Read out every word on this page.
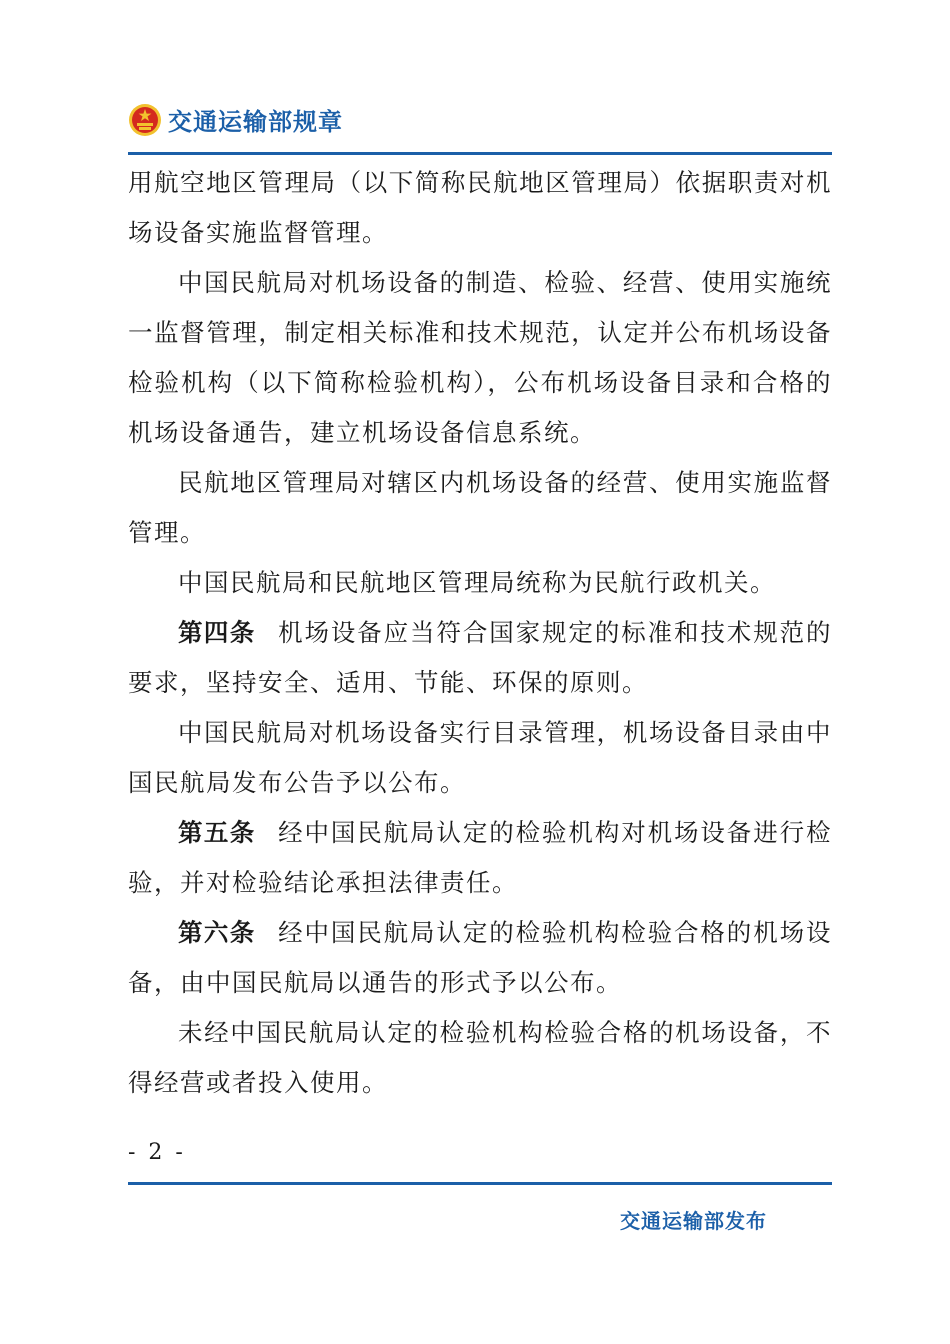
交通运输部规章

用航空地区管理局（以下简称民航地区管理局）依据职责对机场设备实施监督管理。

中国民航局对机场设备的制造、检验、经营、使用实施统一监督管理，制定相关标准和技术规范，认定并公布机场设备检验机构（以下简称检验机构），公布机场设备目录和合格的机场设备通告，建立机场设备信息系统。

民航地区管理局对辖区内机场设备的经营、使用实施监督管理。

中国民航局和民航地区管理局统称为民航行政机关。

第四条 机场设备应当符合国家规定的标准和技术规范的要求，坚持安全、适用、节能、环保的原则。

中国民航局对机场设备实行目录管理，机场设备目录由中国民航局发布公告予以公布。

第五条 经中国民航局认定的检验机构对机场设备进行检验，并对检验结论承担法律责任。

第六条 经中国民航局认定的检验机构检验合格的机场设备，由中国民航局以通告的形式予以公布。

未经中国民航局认定的检验机构检验合格的机场设备，不得经营或者投入使用。

- 2 -
交通运输部发布
